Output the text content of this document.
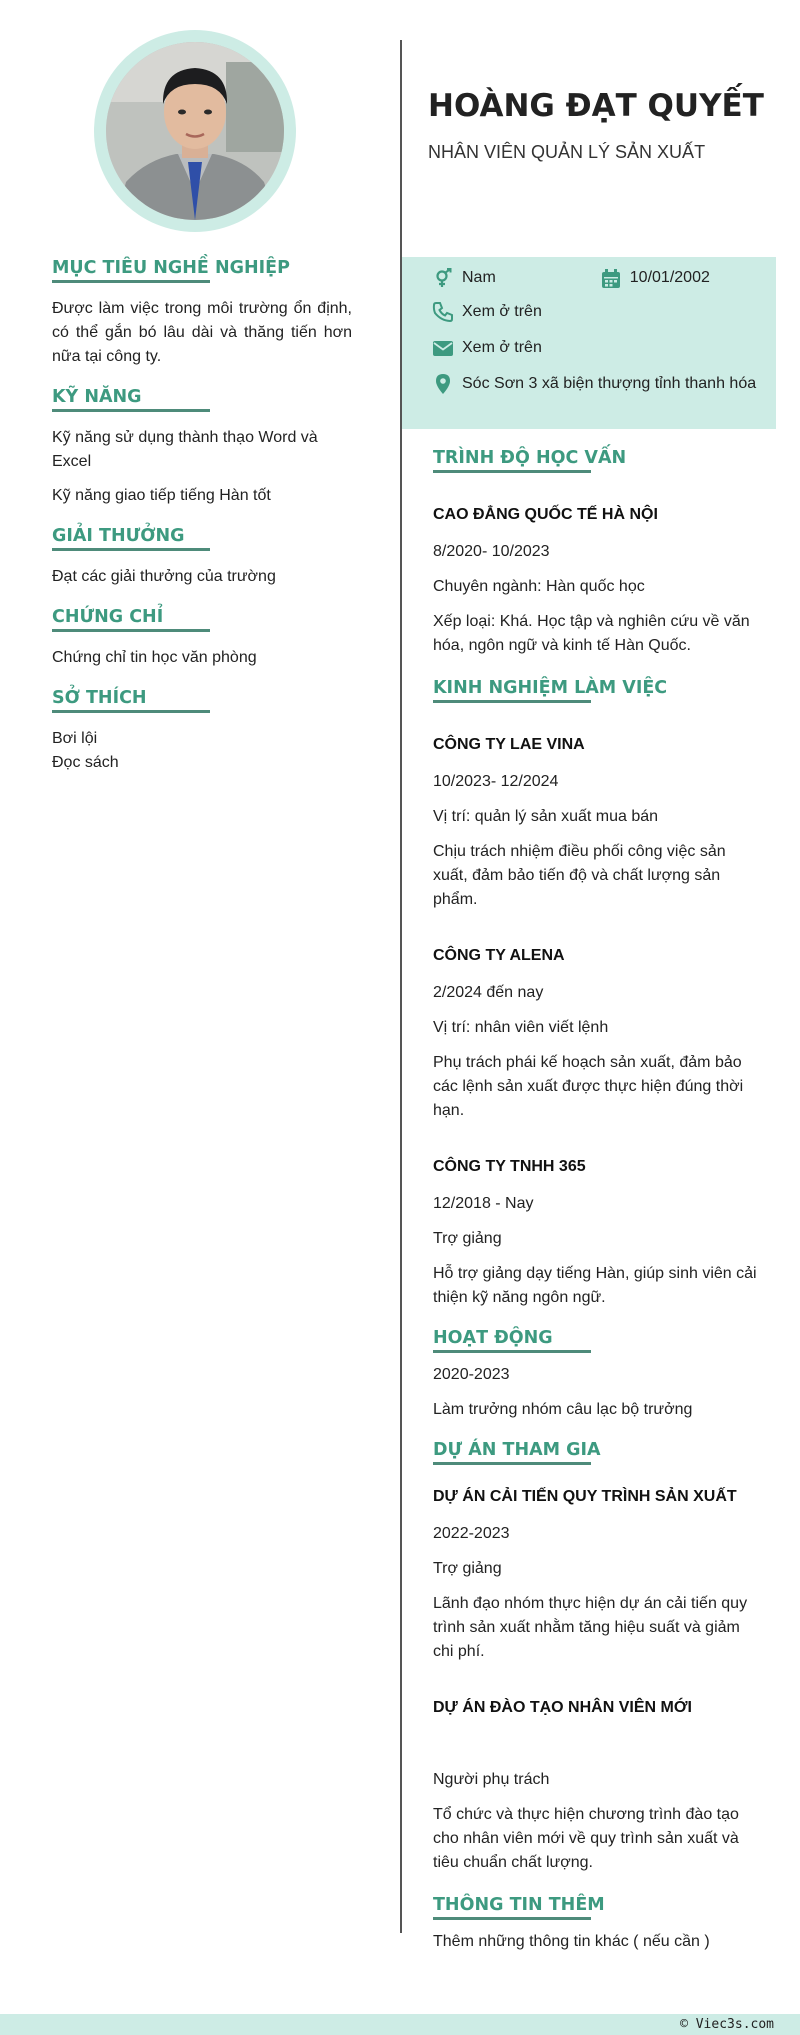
MỤC TIÊU NGHỀ NGHIỆP
Được làm việc trong môi trường ổn định, có thể gắn bó lâu dài và thăng tiến hơn nữa tại công ty.
KỸ NĂNG
Kỹ năng sử dụng thành thạo Word và Excel
Kỹ năng giao tiếp tiếng Hàn tốt
GIẢI THƯỞNG
Đạt các giải thưởng của trường
CHỨNG CHỈ
Chứng chỉ tin học văn phòng
SỞ THÍCH
Bơi lội
Đọc sách
HOÀNG ĐẠT QUYẾT
NHÂN VIÊN QUẢN LÝ SẢN XUẤT
Nam	10/01/2002
Xem ở trên
Xem ở trên
Sóc Sơn 3 xã biện thượng tỉnh thanh hóa
TRÌNH ĐỘ HỌC VẤN
CAO ĐẲNG QUỐC TẾ HÀ NỘI
8/2020- 10/2023
Chuyên ngành: Hàn quốc học
Xếp loại: Khá. Học tập và nghiên cứu về văn hóa, ngôn ngữ và kinh tế Hàn Quốc.
KINH NGHIỆM LÀM VIỆC
CÔNG TY LAE VINA
10/2023- 12/2024
Vị trí: quản lý sản xuất mua bán
Chịu trách nhiệm điều phối công việc sản xuất, đảm bảo tiến độ và chất lượng sản phẩm.
CÔNG TY ALENA
2/2024 đến nay
Vị trí: nhân viên viết lệnh
Phụ trách phái kế hoạch sản xuất, đảm bảo các lệnh sản xuất được thực hiện đúng thời hạn.
CÔNG TY TNHH 365
12/2018 - Nay
Trợ giảng
Hỗ trợ giảng dạy tiếng Hàn, giúp sinh viên cải thiện kỹ năng ngôn ngữ.
HOẠT ĐỘNG
2020-2023
Làm trưởng nhóm câu lạc bộ trưởng
DỰ ÁN THAM GIA
DỰ ÁN CẢI TIẾN QUY TRÌNH SẢN XUẤT
2022-2023
Trợ giảng
Lãnh đạo nhóm thực hiện dự án cải tiến quy trình sản xuất nhằm tăng hiệu suất và giảm chi phí.
DỰ ÁN ĐÀO TẠO NHÂN VIÊN MỚI
Người phụ trách
Tổ chức và thực hiện chương trình đào tạo cho nhân viên mới về quy trình sản xuất và tiêu chuẩn chất lượng.
THÔNG TIN THÊM
Thêm những thông tin khác ( nếu cần )
© Viec3s.com
